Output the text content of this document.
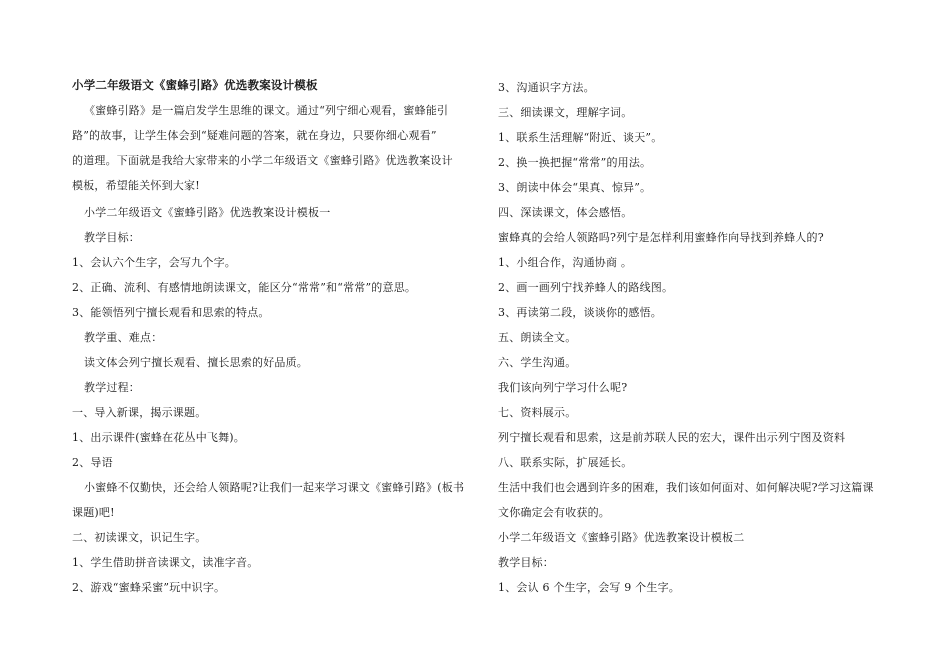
小学二年级语文《蜜蜂引路》优选教案设计模板
《蜜蜂引路》是一篇启发学生思维的课文。通过“列宁细心观看，蜜蜂能引
路”的故事，让学生体会到“疑难问题的答案，就在身边，只要你细心观看”
的道理。下面就是我给大家带来的小学二年级语文《蜜蜂引路》优选教案设计
模板，希望能关怀到大家!
小学二年级语文《蜜蜂引路》优选教案设计模板一
教学目标：
1、会认六个生字，会写九个字。
2、正确、流利、有感情地朗读课文，能区分“常常”和“常常”的意思。
3、能领悟列宁擅长观看和思索的特点。
教学重、难点：
读文体会列宁擅长观看、擅长思索的好品质。
教学过程：
一、导入新课，揭示课题。
1、出示课件(蜜蜂在花丛中飞舞)。
2、导语
小蜜蜂不仅勤快，还会给人领路呢?让我们一起来学习课文《蜜蜂引路》(板书
课题)吧!
二、初读课文，识记生字。
1、学生借助拼音读课文，读准字音。
2、游戏“蜜蜂采蜜”玩中识字。
3、沟通识字方法。
三、细读课文，理解字词。
1、联系生活理解“附近、谈天”。
2、换一换把握“常常”的用法。
3、朗读中体会“果真、惊异”。
四、深读课文，体会感悟。
蜜蜂真的会给人领路吗?列宁是怎样利用蜜蜂作向导找到养蜂人的?
1、小组合作，沟通协商 。
2、画一画列宁找养蜂人的路线图。
3、再读第二段，谈谈你的感悟。
五、朗读全文。
六、学生沟通。
我们该向列宁学习什么呢?
七、资料展示。
列宁擅长观看和思索，这是前苏联人民的宏大，课件出示列宁图及资料
八、联系实际，扩展延长。
生活中我们也会遇到许多的困难，我们该如何面对、如何解决呢?学习这篇课
文你确定会有收获的。
小学二年级语文《蜜蜂引路》优选教案设计模板二
教学目标：
1、会认 6 个生字，会写 9 个生字。
